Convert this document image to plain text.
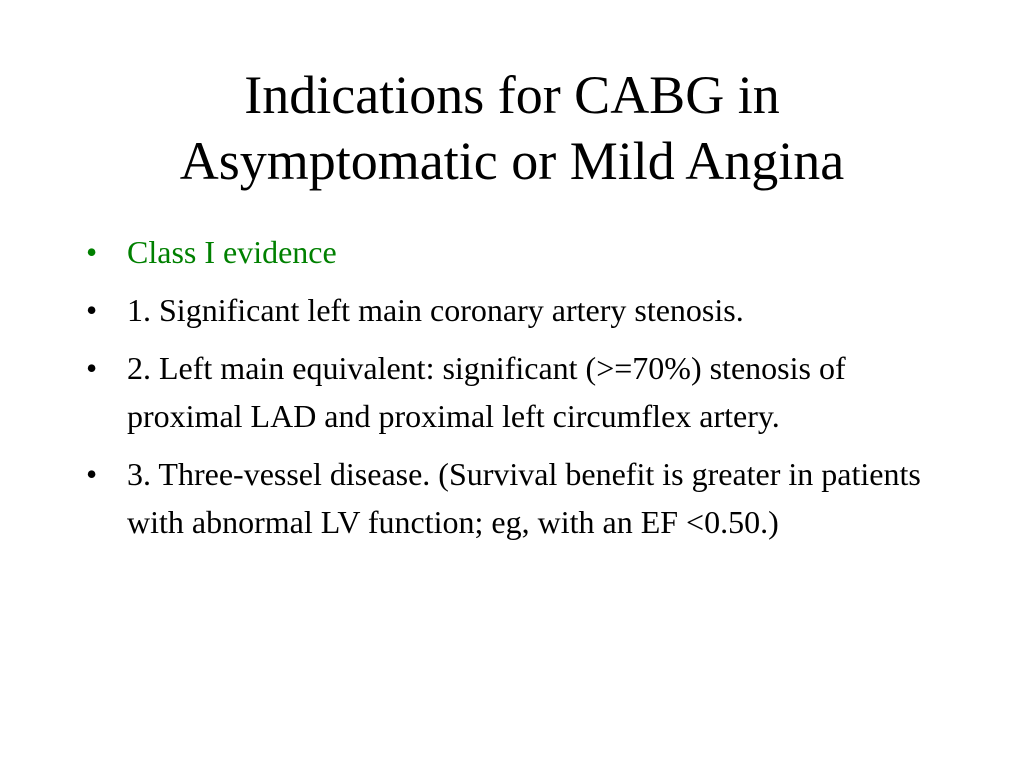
Indications for CABG in
Asymptomatic or Mild Angina
• Class I evidence
• 1. Significant left main coronary artery stenosis.
• 2. Left main equivalent: significant (>=70%) stenosis of proximal LAD and proximal left circumflex artery.
• 3. Three-vessel disease. (Survival benefit is greater in patients with abnormal LV function; eg, with an EF <0.50.)
